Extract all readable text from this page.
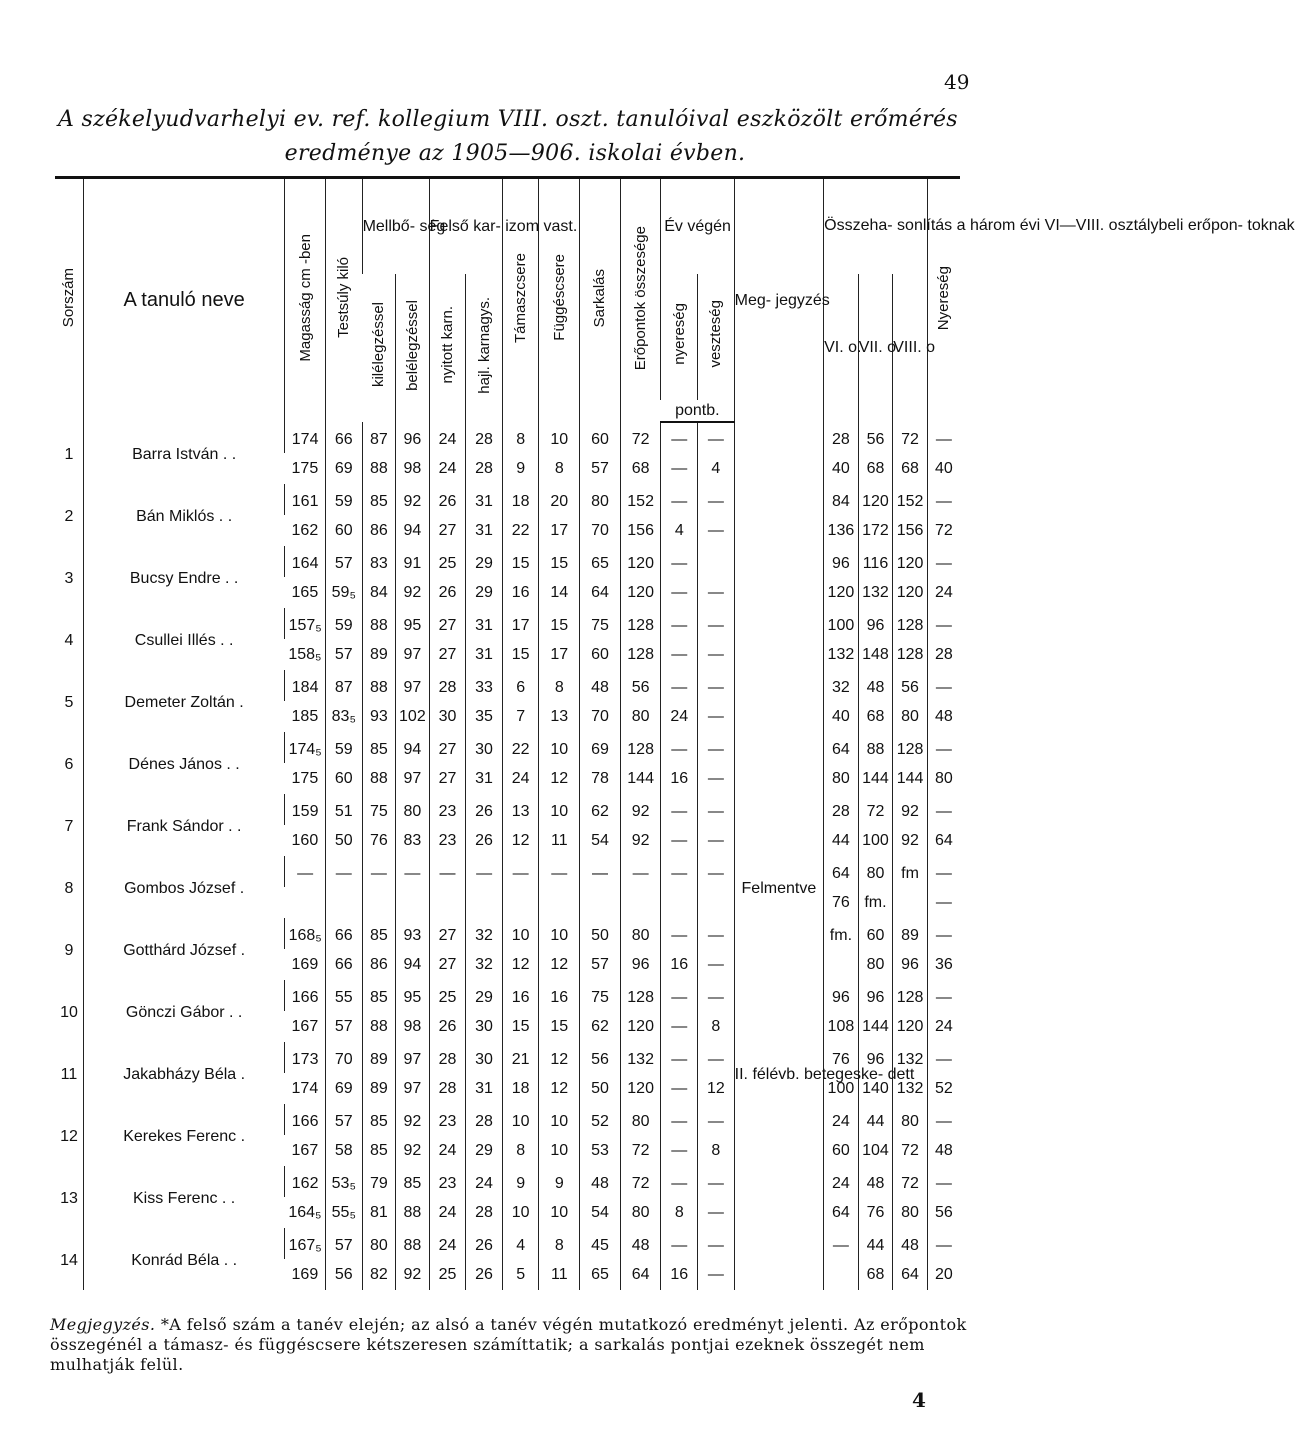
49
A székelyudvarhelyi ev. ref. kollegium VIII. oszt. tanulóival eszközölt erőmérés
eredménye az 1905—906. iskolai évben.
Sorszám	A tanuló neve	Magasság cm -ben	Testsúly kiló	Mellbő- ség		Felső kar- izom vast.		Támaszcsere	Függéscsere	Sarkalás	Erőpontok összesége	Év végén		Meg- jegyzés	Összeha- sonlítás a három évi VI—VIII. osztálybeli erőpon- toknak			Nyereség
				kilélegzéssel	belélegzéssel	nyitott karn.	hajl. karnagys.					nyereség	veszteség		VI. o.	VII. o.	VIII. o	
												pontb.						
1	Barra István . .	174	66	87	96	24	28	8	10	60	72	—	—		28	56	72	—
		175	69	88	98	24	28	9	8	57	68	—	4		40	68	68	40
2	Bán Miklós . .	161	59	85	92	26	31	18	20	80	152	—	—		84	120	152	—
		162	60	86	94	27	31	22	17	70	156	4	—		136	172	156	72
3	Bucsy Endre . .	164	57	83	91	25	29	15	15	65	120	—			96	116	120	—
		165	59₅	84	92	26	29	16	14	64	120	—	—		120	132	120	24
4	Csullei Illés . .	157₅	59	88	95	27	31	17	15	75	128	—	—		100	96	128	—
		158₅	57	89	97	27	31	15	17	60	128	—	—		132	148	128	28
5	Demeter Zoltán .	184	87	88	97	28	33	6	8	48	56	—	—		32	48	56	—
		185	83₅	93	102	30	35	7	13	70	80	24	—		40	68	80	48
6	Dénes János . .	174₅	59	85	94	27	30	22	10	69	128	—	—		64	88	128	—
		175	60	88	97	27	31	24	12	78	144	16	—		80	144	144	80
7	Frank Sándor . .	159	51	75	80	23	26	13	10	62	92	—	—		28	72	92	—
		160	50	76	83	23	26	12	11	54	92	—	—		44	100	92	64
8	Gombos József .	—	—	—	—	—	—	—	—	—	—	—	—	Felmentve	64	80	fm	—
															76	fm.		—
9	Gotthárd József .	168₅	66	85	93	27	32	10	10	50	80	—	—		fm.	60	89	—
		169	66	86	94	27	32	12	12	57	96	16	—			80	96	36
10	Gönczi Gábor . .	166	55	85	95	25	29	16	16	75	128	—	—		96	96	128	—
		167	57	88	98	26	30	15	15	62	120	—	8		108	144	120	24
11	Jakabházy Béla .	173	70	89	97	28	30	21	12	56	132	—	—	II. félévb. betegeske- dett	76	96	132	—
		174	69	89	97	28	31	18	12	50	120	—	12		100	140	132	52
12	Kerekes Ferenc .	166	57	85	92	23	28	10	10	52	80	—	—		24	44	80	—
		167	58	85	92	24	29	8	10	53	72	—	8		60	104	72	48
13	Kiss Ferenc . .	162	53₅	79	85	23	24	9	9	48	72	—	—		24	48	72	—
		164₅	55₅	81	88	24	28	10	10	54	80	8	—		64	76	80	56
14	Konrád Béla . .	167₅	57	80	88	24	26	4	8	45	48	—	—		—	44	48	—
		169	56	82	92	25	26	5	11	65	64	16	—			68	64	20
Megjegyzés. *A felső szám a tanév elején; az alsó a tanév végén mutatkozó eredményt jelenti. Az erőpontok összegénél a támasz- és függéscsere kétszeresen számíttatik; a sarkalás pontjai ezeknek összegét nem mulhatják felül.
4
